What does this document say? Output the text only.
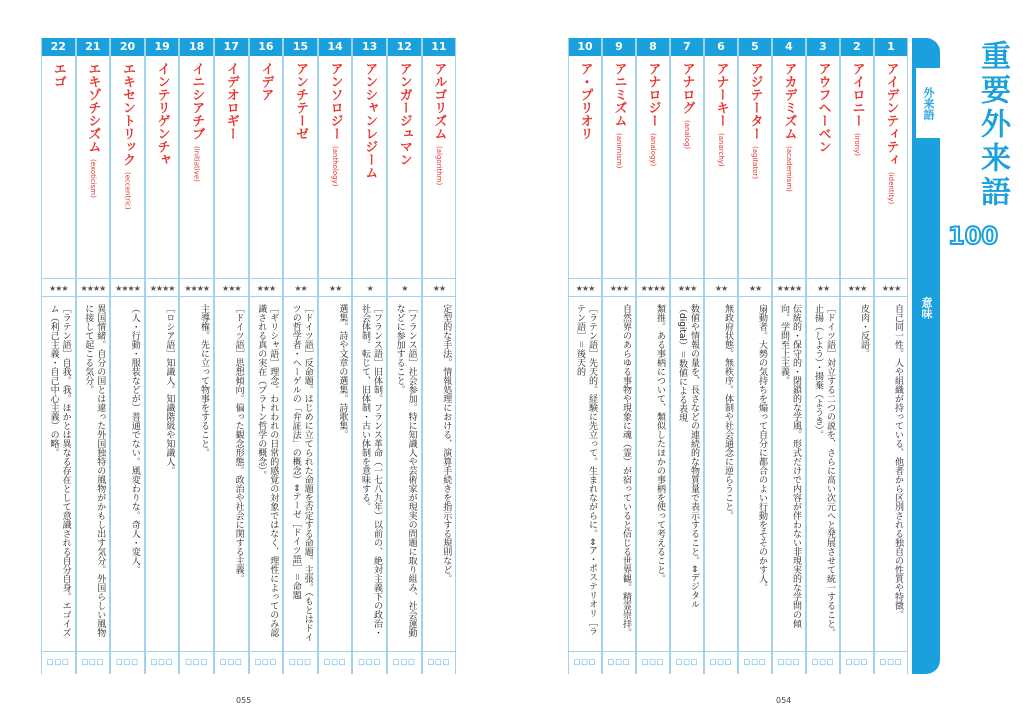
22
エゴ
★★★
［ラテン語］自我。我。ほかとは異なる存在として意識される自分自身。エゴイズム（利己主義・自己中心主義）の略。
□□□
21
エキゾチシズム
(exoticism)
★★★★
異国情緒。自分の国とは違った外国独特の風物がかもし出す気分。外国らしい風物に接して起こる気分。
□□□
20
エキセントリック
(eccentric)
★★★★
（人・行動・服装などが）普通でない。風変わりな。奇人・変人。
□□□
19
インテリゲンチャ
★★★★
［ロシア語］知識人。知識階級や知識人。
□□□
18
イニシアチブ
(initiative)
★★★★
主導権。先に立って物事をすること。
□□□
17
イデオロギー
★★★
［ドイツ語］思想傾向。偏った観念形態。政治や社会に関する主義。
□□□
16
イデア
★★★
［ギリシャ語］理念。われわれの日常的感覚の対象ではなく、理性によってのみ認識される真の実在（プラトン哲学の概念）。
□□□
15
アンチテーゼ
★★
［ドイツ語］反命題。はじめに立てられた命題を否定する命題。主張。（もとはドイツの哲学者・ヘーゲルの「弁証法」の概念）⇔テーゼ［ドイツ語］＝命題
□□□
14
アンソロジー
(anthology)
★★
選集。詩や文章の選集。詩歌集。
□□□
13
アンシャンレジーム
★
［フランス語］旧体制。フランス革命（一七八九年）以前の、絶対主義下の政治・社会体制。転じて、旧体制・古い体制を意味する。
□□□
12
アンガージュマン
★
［フランス語］社会参加。特に知識人や芸術家が現実の問題に取り組み、社会運動などに参加すること。
□□□
11
アルゴリズム
(algorithm)
★★
定型的な手法。情報処理における、演算手続きを指示する規則など。
□□□
10
ア・プリオリ
★★★
［ラテン語］先天的。経験に先立って。生まれながらに。⇔ア・ポステリオリ［ラテン語］＝後天的
□□□
9
アニミズム
(animism)
★★★
自然界のあらゆる事物や現象に魂（霊）が宿っていると信じる世界観。精霊崇拝。
□□□
8
アナロジー
(analogy)
★★★★
類推。ある事柄について、類似したほかの事柄を使って考えること。
□□□
7
アナログ
(analog)
★★★
数値や情報の量を、長さなどの連続的な物質量で表示すること。⇔デジタル（digital）＝数値による表現
□□□
6
アナーキー
(anarchy)
★★
無政府状態。無秩序。体制や社会通念に逆らうこと。
□□□
5
アジテーター
(agitator)
★★
扇動者。大勢の気持ちを煽って自分に都合のよい行動をそそのかす人。
□□□
4
アカデミズム
(academism)
★★★★
伝統的・保守的・閉鎖的な学風。形式だけで内容が伴わない非現実的な学問の傾向。学問至上主義。
□□□
3
アウフヘーベン
★★
［ドイツ語］対立する二つの説を、さらに高い次元へと発展させて統一すること。止揚（しよう）・揚棄（ようき）。
□□□
2
アイロニー
(irony)
★★★
皮肉・反語。
□□□
1
アイデンティティ
(identity)
★★★
自己同一性。人や組織が持っている、他者から区別される独自の性質や特徴。
□□□
外来語
意味
重要外来語
100
055	054
